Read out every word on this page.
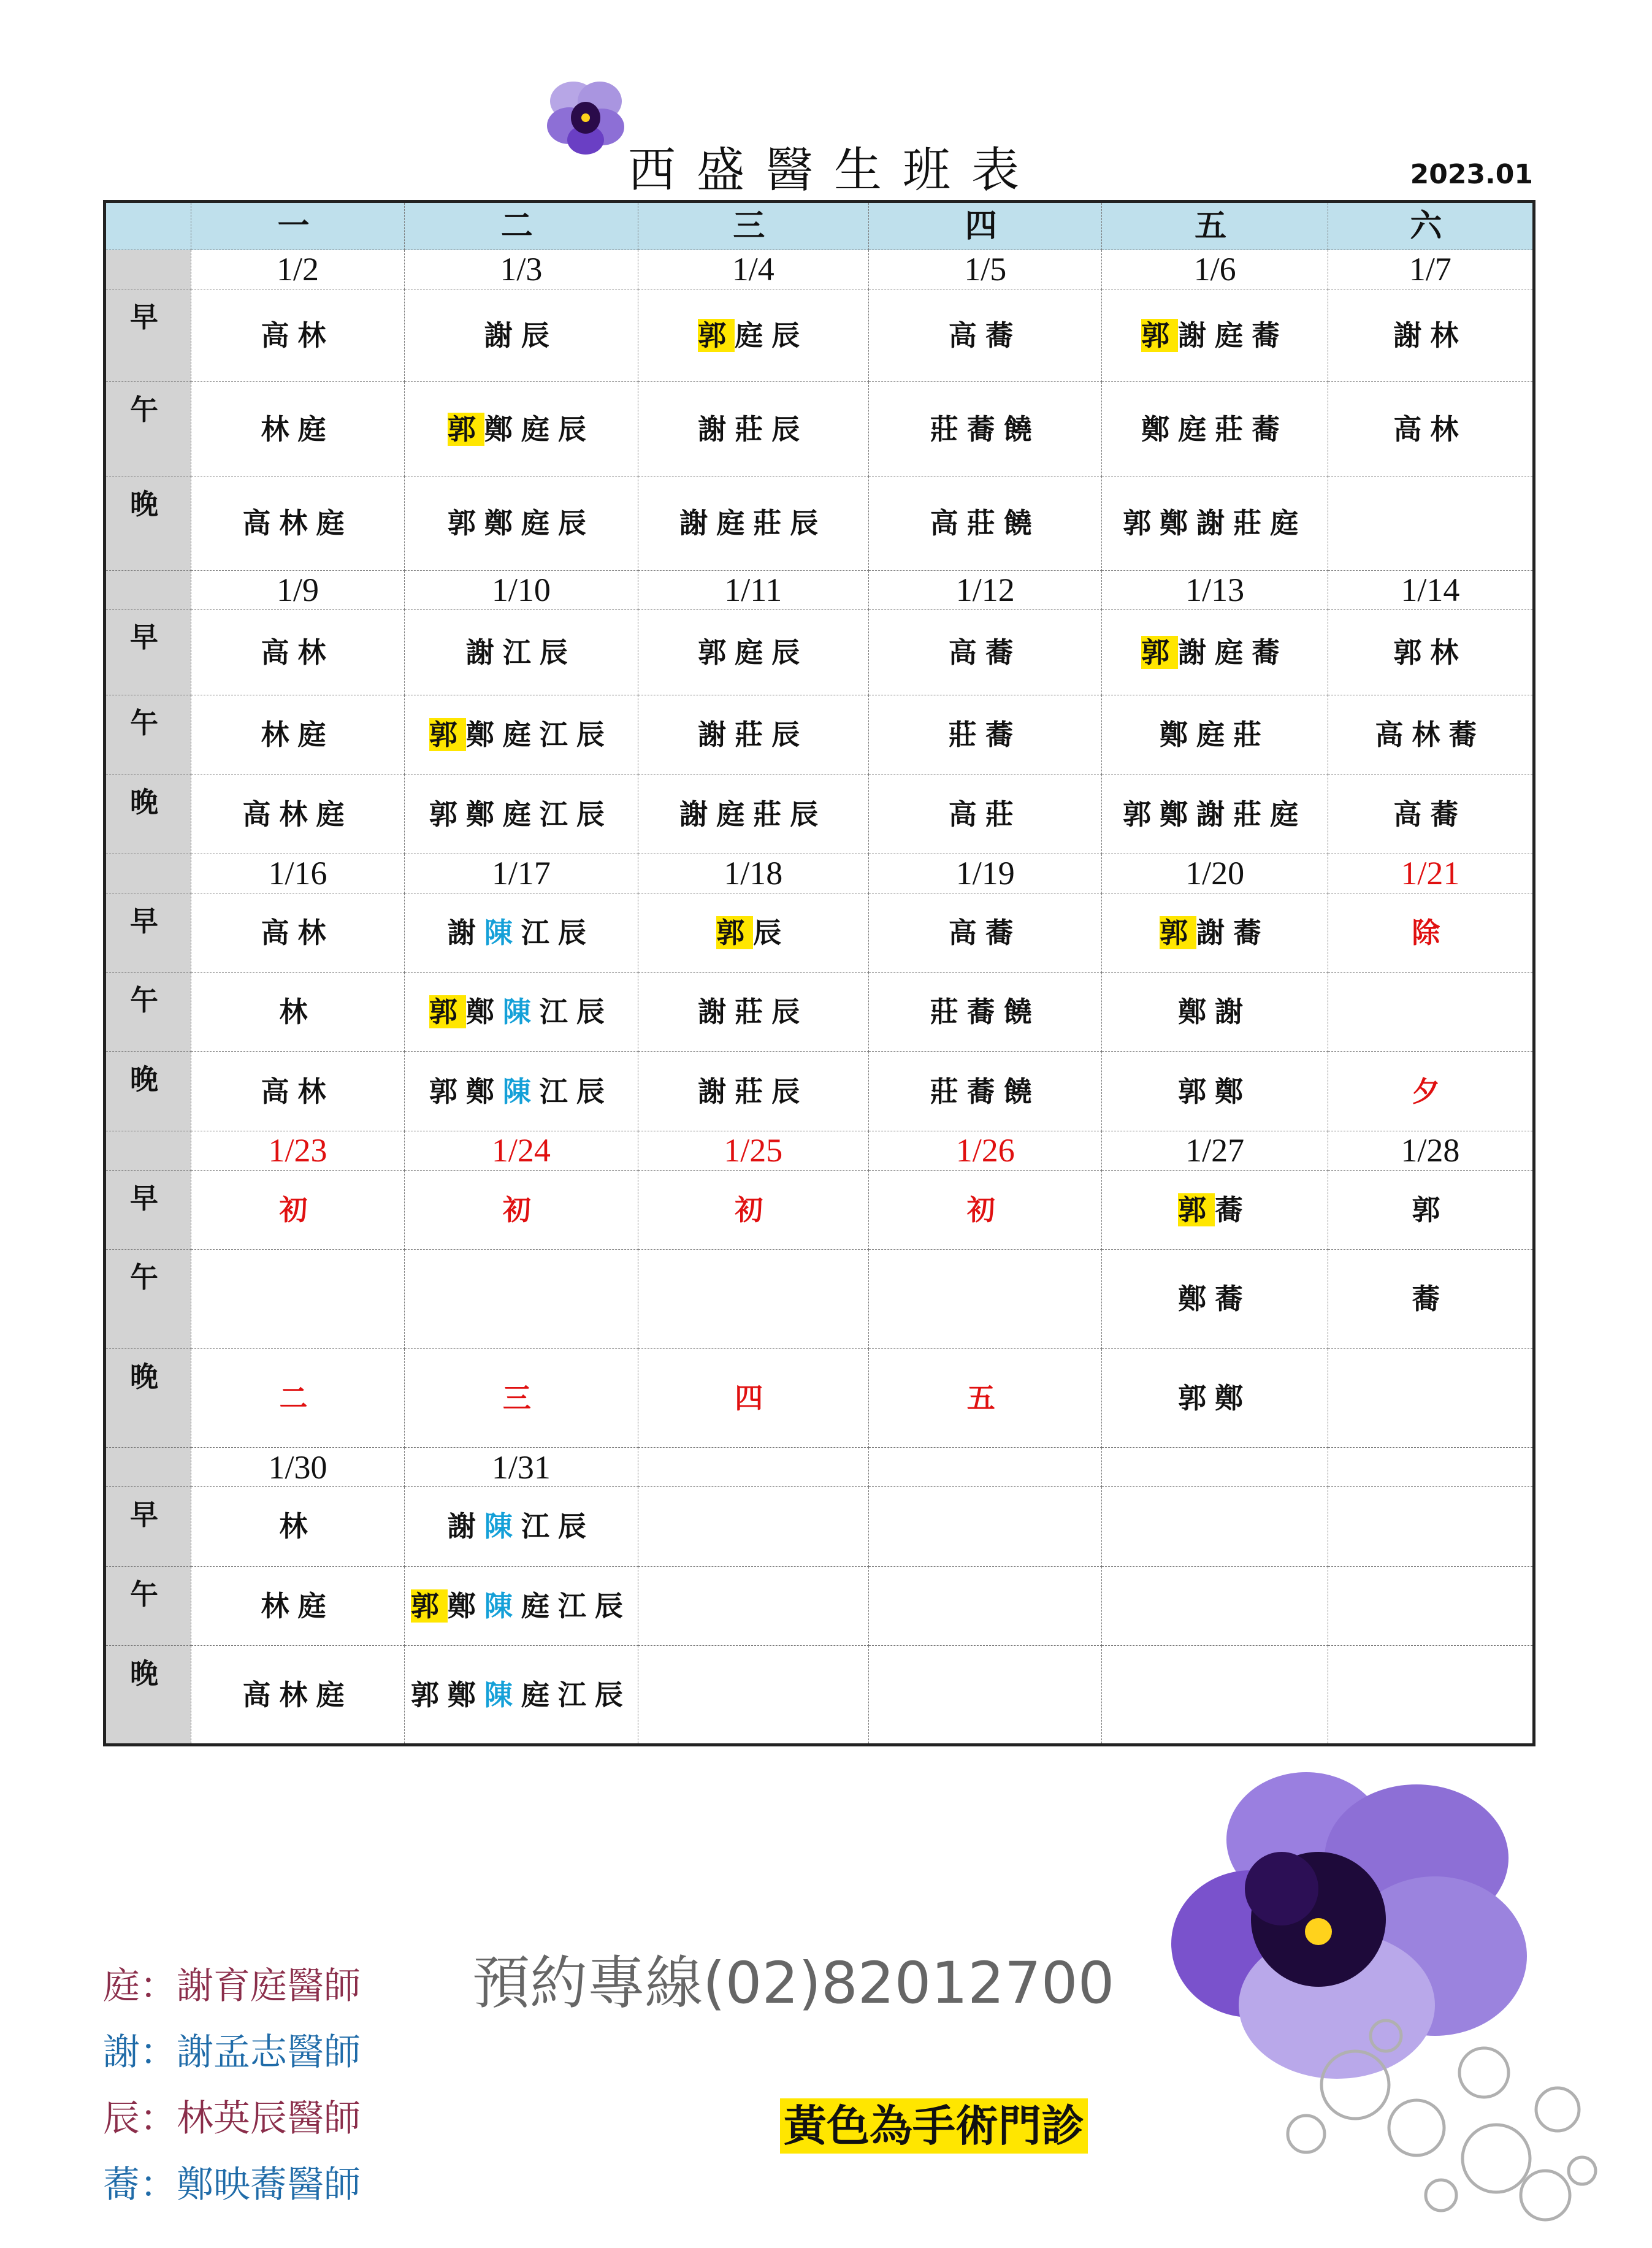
西盛醫生班表	2023.01
	一	二	三	四	五	六
	1/2	1/3	1/4	1/5	1/6	1/7
早	高林	謝辰	郭庭辰	高蕎	郭謝庭蕎	謝林
午	林庭	郭鄭庭辰	謝莊辰	莊蕎饒	鄭庭莊蕎	高林
晚	高林庭	郭鄭庭辰	謝庭莊辰	高莊饒	郭鄭謝莊庭	
	1/9	1/10	1/11	1/12	1/13	1/14
早	高林	謝江辰	郭庭辰	高蕎	郭謝庭蕎	郭林
午	林庭	郭鄭庭江辰	謝莊辰	莊蕎	鄭庭莊	高林蕎
晚	高林庭	郭鄭庭江辰	謝庭莊辰	高莊	郭鄭謝莊庭	高蕎
	1/16	1/17	1/18	1/19	1/20	1/21
早	高林	謝陳江辰	郭辰	高蕎	郭謝蕎	除
午	林	郭鄭陳江辰	謝莊辰	莊蕎饒	鄭謝	
晚	高林	郭鄭陳江辰	謝莊辰	莊蕎饒	郭鄭	夕
	1/23	1/24	1/25	1/26	1/27	1/28
早	初	初	初	初	郭蕎	郭
午					鄭蕎	蕎
晚	二	三	四	五	郭鄭	
	1/30	1/31				
早	林	謝陳江辰				
午	林庭	郭鄭陳庭江辰				
晚	高林庭	郭鄭陳庭江辰				
庭：謝育庭醫師
謝：謝孟志醫師
辰：林英辰醫師
蕎：鄭映蕎醫師
預約專線(02)82012700
黃色為手術門診
